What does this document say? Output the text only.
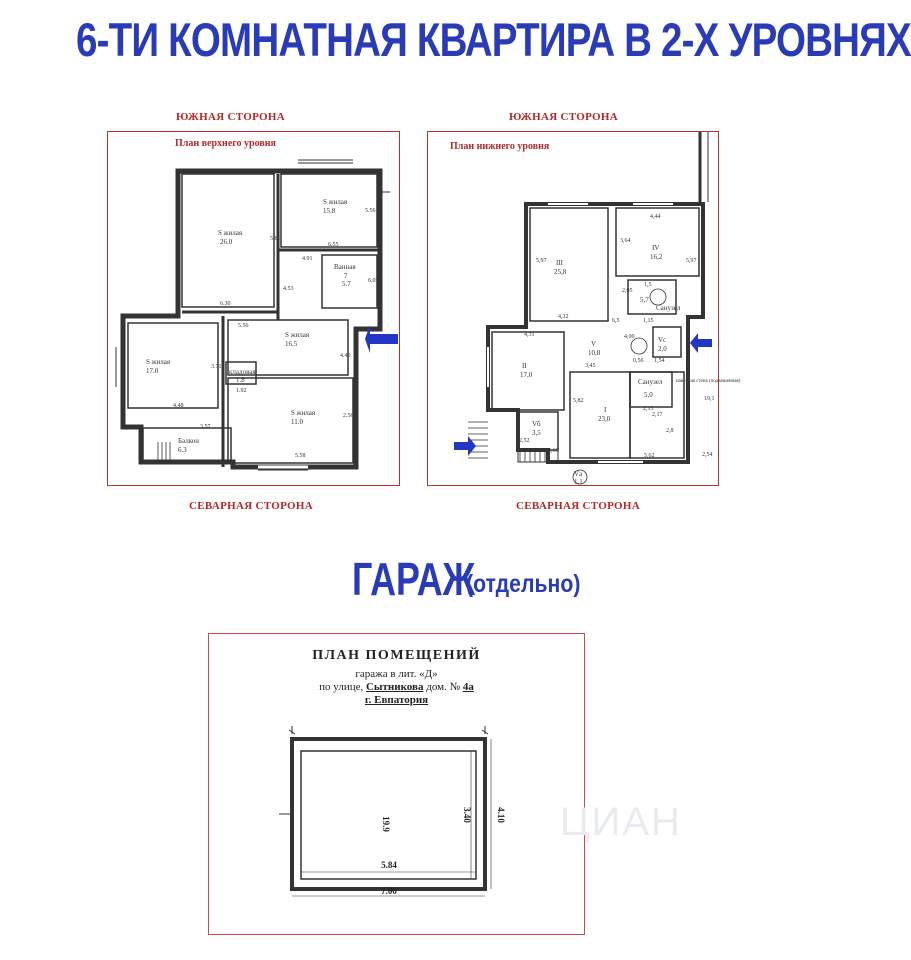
6-ТИ КОМНАТНАЯ КВАРТИРА В 2-Х УРОВНЯХ
ЮЖНАЯ СТОРОНА
План верхнего уровня
Ѕ жилая
26.0
Ѕ жилая
15.8
Ванная
7
5.7
Ѕ жилая
17.0
Ѕ жилая
16.5
кладовая
1.8
Ѕ жилая
11.0
Балкон
6.3
5.81
6.30
5.56
4.91
6.55
4.53
6.07
3.57
4.48
5.58
5.56
1.92
2.56
4.40
3.71
СЕВАРНАЯ СТОРОНА
ЮЖНАЯ СТОРОНА
План нижнего уровня
III
25,8
IV
16,2
V
10,8
II
17,0
I
23,0
Санузел
5,0
Санузел
5,7
Vс
2,0
Vб
3,5
Vа
1,1
4,44
5,97
3,64
4,32
6,5
4,31
2,05
1,5
4,00
3,45
5,82
5,62
2,8
2,52
3,66
1,54
0,56
2,13
2,17
2,54
19,1
5,97
1,15
навесная стена (подвешенная)
СЕВАРНАЯ СТОРОНА
ГАРАЖ
(отдельно)
ПЛАН ПОМЕЩЕНИЙ
гаража в лит. «Д»
по улице, Сытникова дом. № 4а
г. Евпатория
19.9
3.40	4.10
5.84
7.00
ЦИАН
